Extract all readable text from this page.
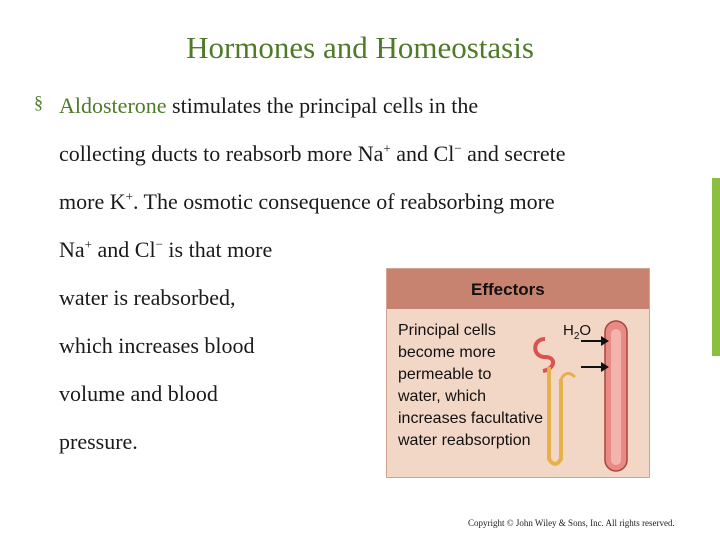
Hormones and Homeostasis
§ Aldosterone stimulates the principal cells in the
collecting ducts to reabsorb more Na+ and Cl− and secrete
more K+. The osmotic consequence of reabsorbing more
Na+ and Cl− is that more
water is reabsorbed,
which increases blood
volume and blood
pressure.
Effectors
Principal cells
become more
permeable to
water, which
increases facultative
water reabsorption
$H_2O$
Copyright © John Wiley & Sons, Inc. All rights reserved.
